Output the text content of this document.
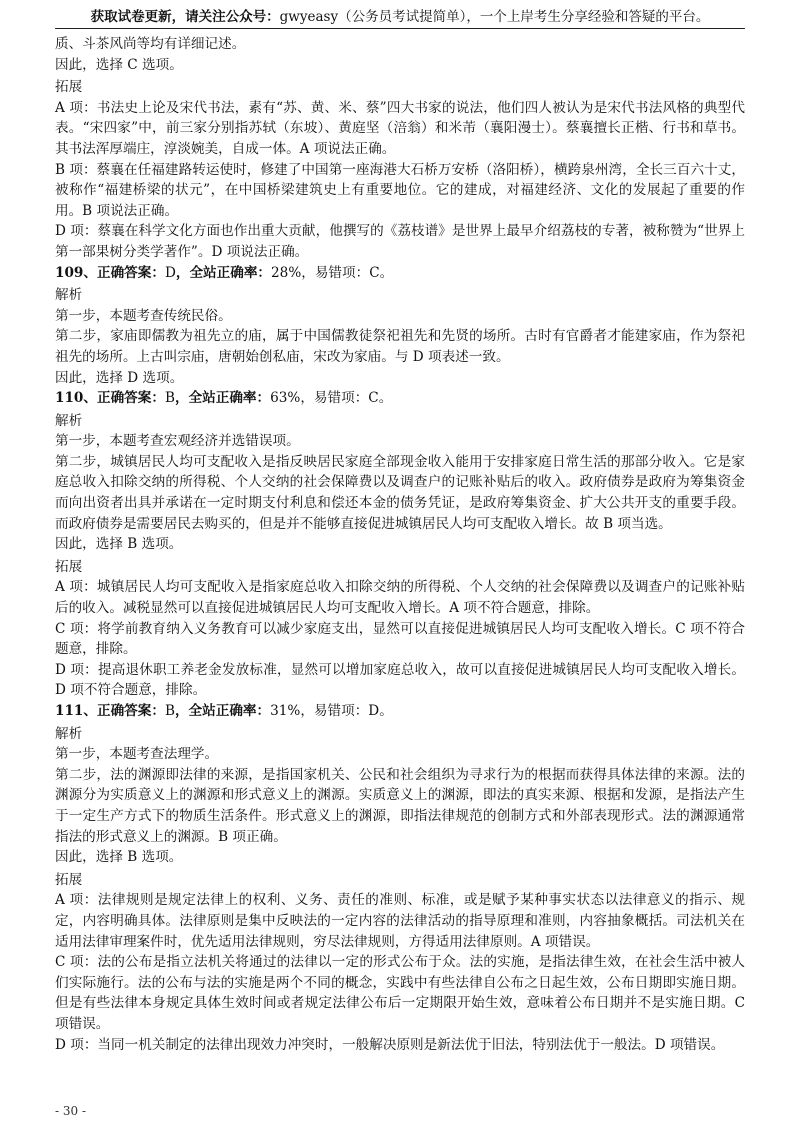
获取试卷更新，请关注公众号：gwyeasy（公务员考试提简单），一个上岸考生分享经验和答疑的平台。

质、斗茶风尚等均有详细记述。

因此，选择 C 选项。

拓展

A 项：书法史上论及宋代书法，素有“苏、黄、米、蔡”四大书家的说法，他们四人被认为是宋代书法风格的典型代表。“宋四家”中，前三家分别指苏轼（东坡）、黄庭坚（涪翁）和米芾（襄阳漫士）。蔡襄擅长正楷、行书和草书。其书法浑厚端庄，淳淡婉美，自成一体。A 项说法正确。

B 项：蔡襄在任福建路转运使时，修建了中国第一座海港大石桥万安桥（洛阳桥），横跨泉州湾，全长三百六十丈，被称作“福建桥梁的状元”，在中国桥梁建筑史上有重要地位。它的建成，对福建经济、文化的发展起了重要的作用。B 项说法正确。

D 项：蔡襄在科学文化方面也作出重大贡献，他撰写的《荔枝谱》是世界上最早介绍荔枝的专著，被称赞为“世界上第一部果树分类学著作”。D 项说法正确。

109、正确答案：D，全站正确率：28%，易错项：C。

解析

第一步，本题考查传统民俗。

第二步，家庙即儒教为祖先立的庙，属于中国儒教徒祭祀祖先和先贤的场所。古时有官爵者才能建家庙，作为祭祀祖先的场所。上古叫宗庙，唐朝始创私庙，宋改为家庙。与 D 项表述一致。

因此，选择 D 选项。

110、正确答案：B，全站正确率：63%，易错项：C。

解析

第一步，本题考查宏观经济并选错误项。

第二步，城镇居民人均可支配收入是指反映居民家庭全部现金收入能用于安排家庭日常生活的那部分收入。它是家庭总收入扣除交纳的所得税、个人交纳的社会保障费以及调查户的记账补贴后的收入。政府债券是政府为筹集资金而向出资者出具并承诺在一定时期支付利息和偿还本金的债务凭证，是政府筹集资金、扩大公共开支的重要手段。而政府债券是需要居民去购买的，但是并不能够直接促进城镇居民人均可支配收入增长。故 B 项当选。

因此，选择 B 选项。

拓展

A 项：城镇居民人均可支配收入是指家庭总收入扣除交纳的所得税、个人交纳的社会保障费以及调查户的记账补贴后的收入。减税显然可以直接促进城镇居民人均可支配收入增长。A 项不符合题意，排除。

C 项：将学前教育纳入义务教育可以减少家庭支出，显然可以直接促进城镇居民人均可支配收入增长。C 项不符合题意，排除。

D 项：提高退休职工养老金发放标准，显然可以增加家庭总收入，故可以直接促进城镇居民人均可支配收入增长。D 项不符合题意，排除。

111、正确答案：B，全站正确率：31%，易错项：D。

解析

第一步，本题考查法理学。

第二步，法的渊源即法律的来源，是指国家机关、公民和社会组织为寻求行为的根据而获得具体法律的来源。法的渊源分为实质意义上的渊源和形式意义上的渊源。实质意义上的渊源，即法的真实来源、根据和发源，是指法产生于一定生产方式下的物质生活条件。形式意义上的渊源，即指法律规范的创制方式和外部表现形式。法的渊源通常指法的形式意义上的渊源。B 项正确。

因此，选择 B 选项。

拓展

A 项：法律规则是规定法律上的权利、义务、责任的准则、标准，或是赋予某种事实状态以法律意义的指示、规定，内容明确具体。法律原则是集中反映法的一定内容的法律活动的指导原理和准则，内容抽象概括。司法机关在适用法律审理案件时，优先适用法律规则，穷尽法律规则，方得适用法律原则。A 项错误。

C 项：法的公布是指立法机关将通过的法律以一定的形式公布于众。法的实施，是指法律生效，在社会生活中被人们实际施行。法的公布与法的实施是两个不同的概念，实践中有些法律自公布之日起生效，公布日期即实施日期。但是有些法律本身规定具体生效时间或者规定法律公布后一定期限开始生效，意味着公布日期并不是实施日期。C 项错误。

D 项：当同一机关制定的法律出现效力冲突时，一般解决原则是新法优于旧法，特别法优于一般法。D 项错误。

- 30 -
